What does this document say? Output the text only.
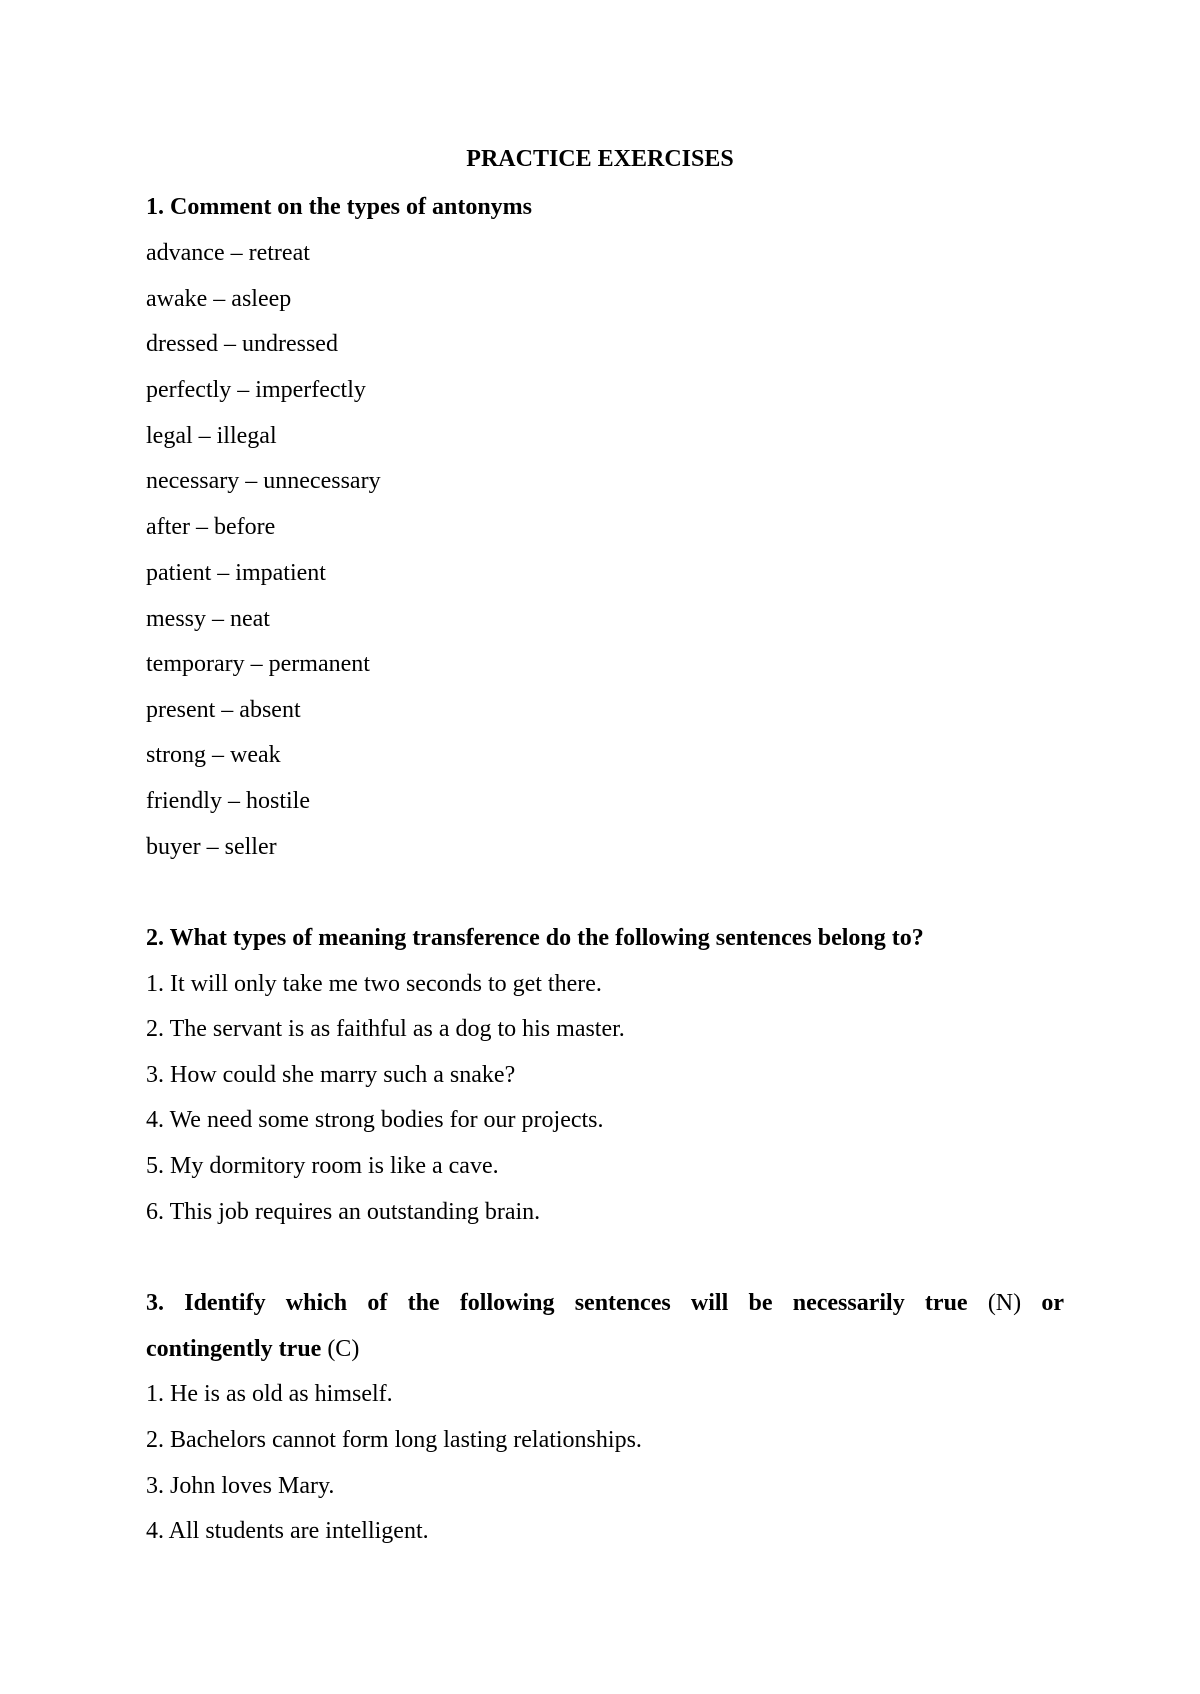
PRACTICE EXERCISES
1. Comment on the types of antonyms
advance – retreat
awake – asleep
dressed – undressed
perfectly – imperfectly
legal – illegal
necessary – unnecessary
after – before
patient – impatient
messy – neat
temporary – permanent
present – absent
strong – weak
friendly – hostile
buyer – seller
2. What types of meaning transference do the following sentences belong to?
1. It will only take me two seconds to get there.
2. The servant is as faithful as a dog to his master.
3. How could she marry such a snake?
4. We need some strong bodies for our projects.
5. My dormitory room is like a cave.
6. This job requires an outstanding brain.
3. Identify which of the following sentences will be necessarily true (N) or
contingently true (C)
1. He is as old as himself.
2. Bachelors cannot form long lasting relationships.
3. John loves Mary.
4. All students are intelligent.
